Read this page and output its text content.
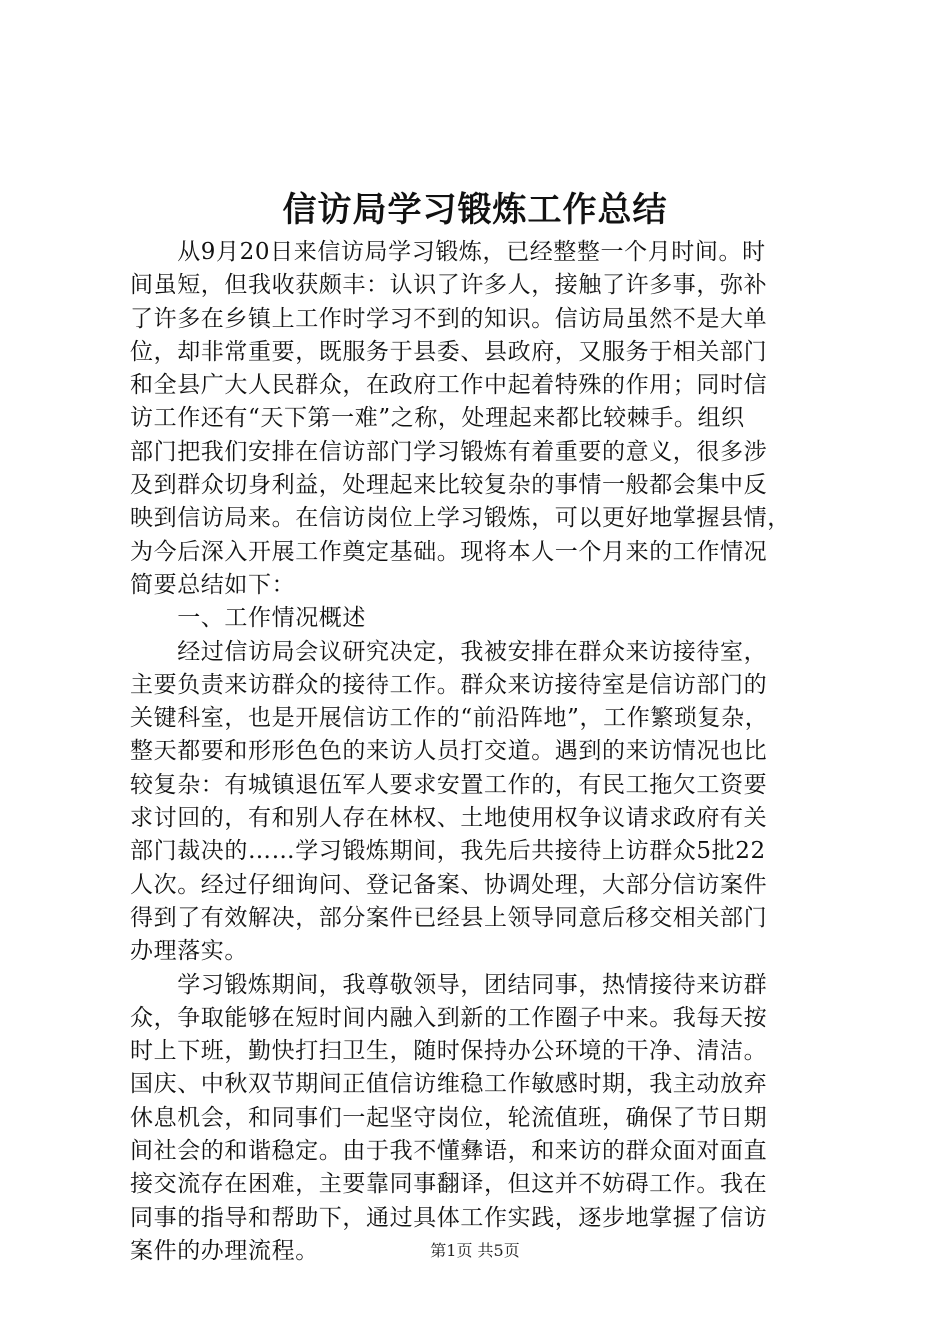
信访局学习锻炼工作总结
　　从9月20日来信访局学习锻炼，已经整整一个月时间。时
间虽短，但我收获颇丰：认识了许多人，接触了许多事，弥补
了许多在乡镇上工作时学习不到的知识。信访局虽然不是大单
位，却非常重要，既服务于县委、县政府，又服务于相关部门
和全县广大人民群众，在政府工作中起着特殊的作用；同时信
访工作还有“天下第一难”之称，处理起来都比较棘手。组织
部门把我们安排在信访部门学习锻炼有着重要的意义，很多涉
及到群众切身利益，处理起来比较复杂的事情一般都会集中反
映到信访局来。在信访岗位上学习锻炼，可以更好地掌握县情，
为今后深入开展工作奠定基础。现将本人一个月来的工作情况
简要总结如下：
　　一、工作情况概述
　　经过信访局会议研究决定，我被安排在群众来访接待室，
主要负责来访群众的接待工作。群众来访接待室是信访部门的
关键科室，也是开展信访工作的“前沿阵地”，工作繁琐复杂，
整天都要和形形色色的来访人员打交道。遇到的来访情况也比
较复杂：有城镇退伍军人要求安置工作的，有民工拖欠工资要
求讨回的，有和别人存在林权、土地使用权争议请求政府有关
部门裁决的……学习锻炼期间，我先后共接待上访群众5批22
人次。经过仔细询问、登记备案、协调处理，大部分信访案件
得到了有效解决，部分案件已经县上领导同意后移交相关部门
办理落实。
　　学习锻炼期间，我尊敬领导，团结同事，热情接待来访群
众，争取能够在短时间内融入到新的工作圈子中来。我每天按
时上下班，勤快打扫卫生，随时保持办公环境的干净、清洁。
国庆、中秋双节期间正值信访维稳工作敏感时期，我主动放弃
休息机会，和同事们一起坚守岗位，轮流值班，确保了节日期
间社会的和谐稳定。由于我不懂彝语，和来访的群众面对面直
接交流存在困难，主要靠同事翻译，但这并不妨碍工作。我在
同事的指导和帮助下，通过具体工作实践，逐步地掌握了信访
案件的办理流程。	第1页 共5页
